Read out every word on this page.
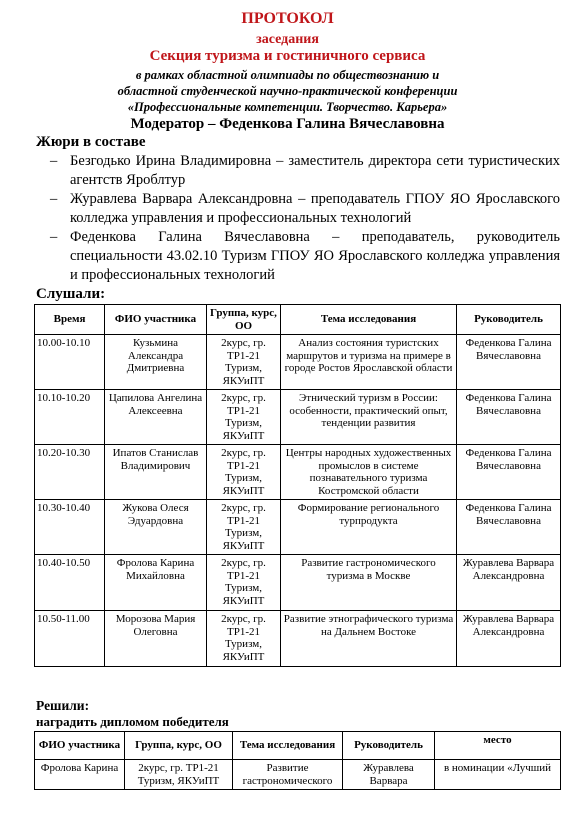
ПРОТОКОЛ
заседания
Секция туризма и гостиничного сервиса
в рамках областной олимпиады по обществознанию и
областной студенческой научно-практической конференции
«Профессиональные компетенции. Творчество. Карьера»
Модератор – Феденкова Галина Вячеславовна
Жюри в составе
– Безгодько Ирина Владимировна – заместитель директора сети туристических агентств Яроблтур
– Журавлева Варвара Александровна – преподаватель ГПОУ ЯО Ярославского колледжа управления и профессиональных технологий
– Феденкова Галина Вячеславовна – преподаватель, руководитель специальности 43.02.10 Туризм ГПОУ ЯО Ярославского колледжа управления и профессиональных технологий
Слушали:
Время	ФИО участника	Группа, курс, ОО	Тема исследования	Руководитель
10.00-10.10	Кузьмина Александра Дмитриевна	2курс, гр. ТР1-21 Туризм, ЯКУиПТ	Анализ состояния туристских маршрутов и туризма на примере в городе Ростов Ярославской области	Феденкова Галина Вячеславовна
10.10-10.20	Цапилова Ангелина Алексеевна	2курс, гр. ТР1-21 Туризм, ЯКУиПТ	Этнический туризм в России: особенности, практический опыт, тенденции развития	Феденкова Галина Вячеславовна
10.20-10.30	Ипатов Станислав Владимирович	2курс, гр. ТР1-21 Туризм, ЯКУиПТ	Центры народных художественных промыслов в системе познавательного туризма Костромской области	Феденкова Галина Вячеславовна
10.30-10.40	Жукова Олеся Эдуардовна	2курс, гр. ТР1-21 Туризм, ЯКУиПТ	Формирование регионального турпродукта	Феденкова Галина Вячеславовна
10.40-10.50	Фролова Карина Михайловна	2курс, гр. ТР1-21 Туризм, ЯКУиПТ	Развитие гастрономического туризма в Москве	Журавлева Варвара Александровна
10.50-11.00	Морозова Мария Олеговна	2курс, гр. ТР1-21 Туризм, ЯКУиПТ	Развитие этнографического туризма на Дальнем Востоке	Журавлева Варвара Александровна
Решили:
наградить дипломом победителя
ФИО участника	Группа, курс, ОО	Тема исследования	Руководитель	место
Фролова Карина	2курс, гр. ТР1-21 Туризм, ЯКУиПТ	Развитие гастрономического	Журавлева Варвара	в номинации «Лучший
